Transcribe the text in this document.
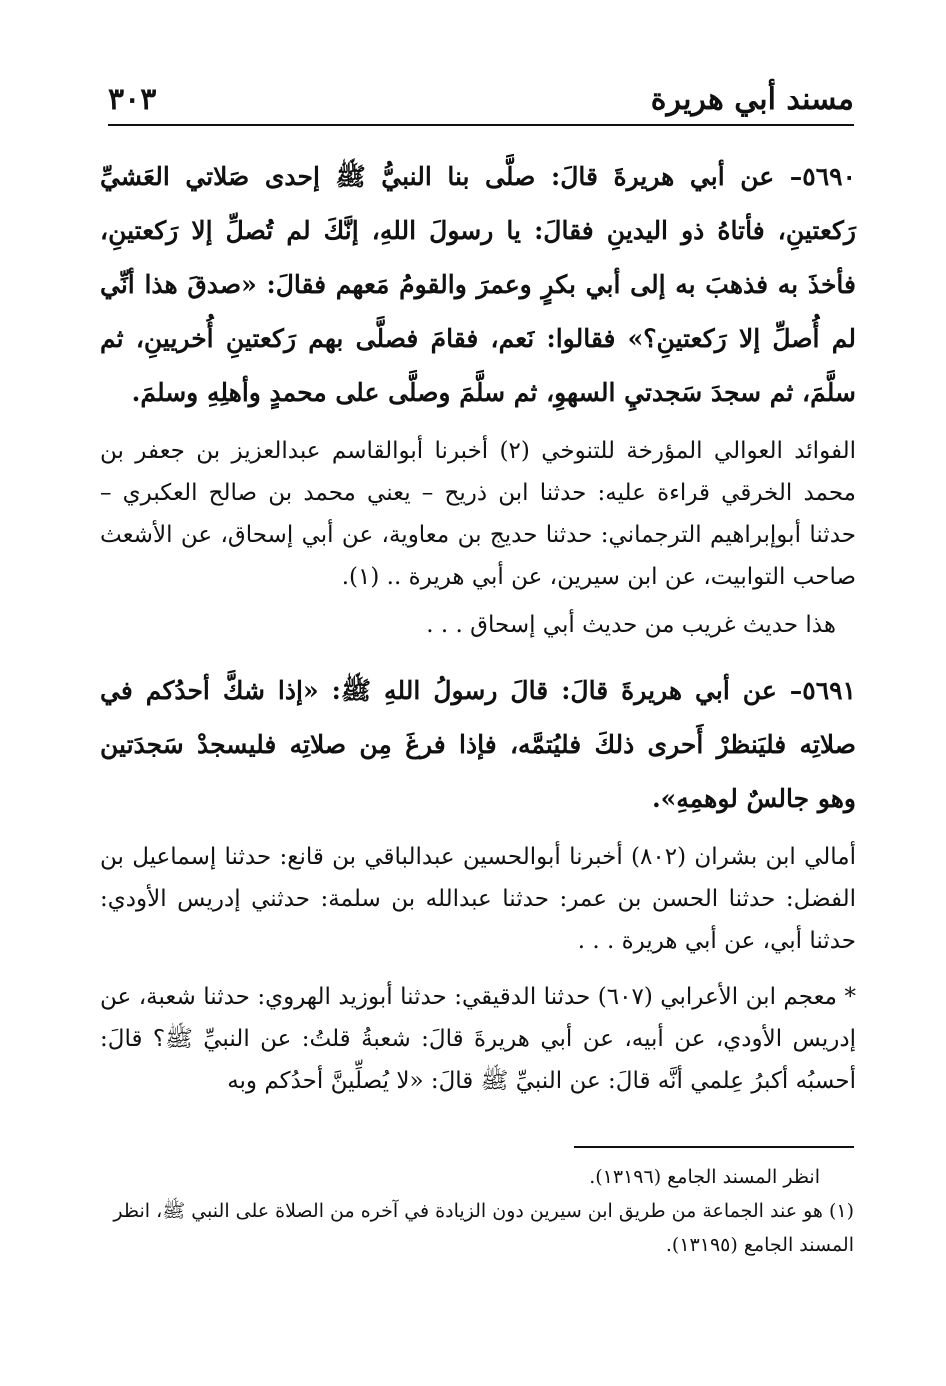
مسند أبي هريرة
٣٠٣

٥٦٩٠– عن أبي هريرةَ قالَ: صلَّى بنا النبيُّ ﷺ إحدى صَلاتي العَشيِّ رَكعتينِ، فأتاهُ ذو اليدينِ فقالَ: يا رسولَ اللهِ، إنَّكَ لم تُصلِّ إلا رَكعتينِ، فأخذَ به فذهبَ به إلى أبي بكرٍ وعمرَ والقومُ مَعهم فقالَ: «صدقَ هذا أنِّي لم أُصلِّ إلا رَكعتينِ؟» فقالوا: نَعم، فقامَ فصلَّى بهم رَكعتينِ أُخريينِ، ثم سلَّمَ، ثم سجدَ سَجدتيِ السهوِ، ثم سلَّمَ وصلَّى على محمدٍ وأهلِهِ وسلمَ.

الفوائد العوالي المؤرخة للتنوخي (٢) أخبرنا أبوالقاسم عبدالعزيز بن جعفر بن محمد الخرقي قراءة عليه: حدثنا ابن ذريح – يعني محمد بن صالح العكبري – حدثنا أبوإبراهيم الترجماني: حدثنا حديج بن معاوية، عن أبي إسحاق، عن الأشعث صاحب التوابيت، عن ابن سيرين، عن أبي هريرة .. (١).

هذا حديث غريب من حديث أبي إسحاق . . .

٥٦٩١– عن أبي هريرةَ قالَ: قالَ رسولُ اللهِ ﷺ: «إذا شكَّ أحدُكم في صلاتِه فليَنظرْ أَحرى ذلكَ فليُتمَّه، فإذا فرغَ مِن صلاتِه فليسجدْ سَجدَتين وهو جالسٌ لوهمِهِ».

أمالي ابن بشران (٨٠٢) أخبرنا أبوالحسين عبدالباقي بن قانع: حدثنا إسماعيل بن الفضل: حدثنا الحسن بن عمر: حدثنا عبدالله بن سلمة: حدثني إدريس الأودي: حدثنا أبي، عن أبي هريرة . . .

* معجم ابن الأعرابي (٦٠٧) حدثنا الدقيقي: حدثنا أبوزيد الهروي: حدثنا شعبة، عن إدريس الأودي، عن أبيه، عن أبي هريرةَ قالَ: شعبةُ قلتُ: عن النبيِّ ﷺ؟ قالَ: أحسبُه أكبرُ عِلمي أنَّه قالَ: عن النبيِّ ﷺ قالَ: «لا يُصلِّينَّ أحدُكم وبه

انظر المسند الجامع (١٣١٩٦).

(١) هو عند الجماعة من طريق ابن سيرين دون الزيادة في آخره من الصلاة على النبي ﷺ، انظر المسند الجامع (١٣١٩٥).
